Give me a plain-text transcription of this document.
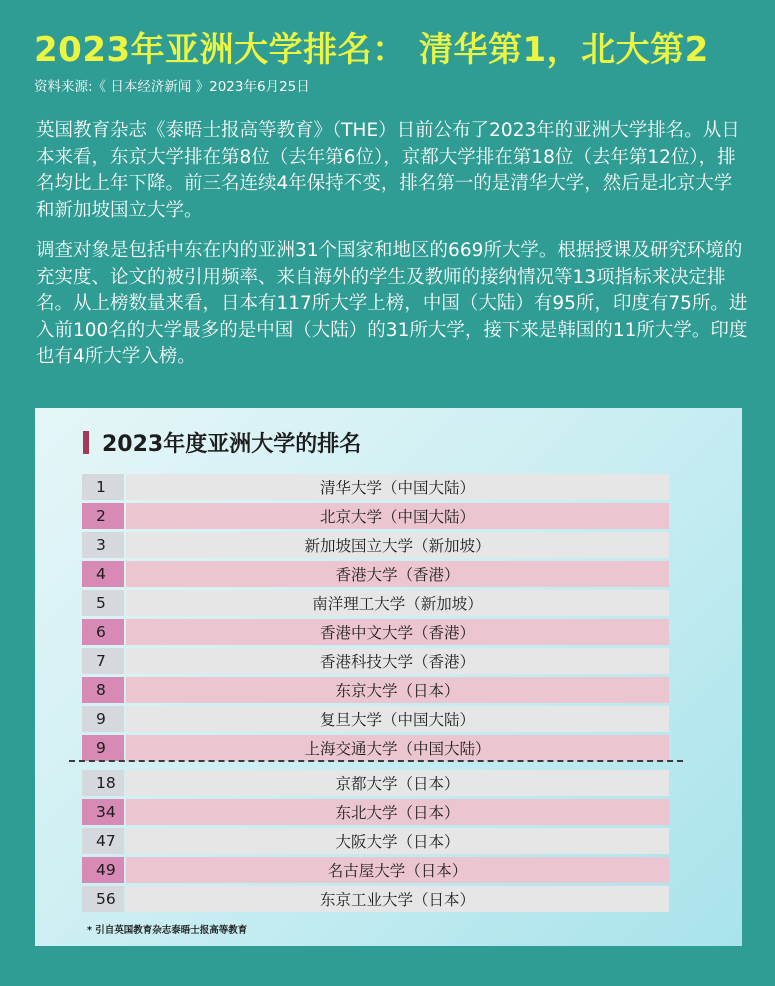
2023年亚洲大学排名： 清华第1，北大第2
资料来源:《 日本经济新闻 》2023年6月25日

英国教育杂志《泰晤士报高等教育》（THE）日前公布了2023年的亚洲大学排名。从日本来看，东京大学排在第8位（去年第6位），京都大学排在第18位（去年第12位），排名均比上年下降。前三名连续4年保持不变，排名第一的是清华大学，然后是北京大学和新加坡国立大学。

调查对象是包括中东在内的亚洲31个国家和地区的669所大学。根据授课及研究环境的充实度、论文的被引用频率、来自海外的学生及教师的接纳情况等13项指标来决定排名。从上榜数量来看，日本有117所大学上榜，中国（大陆）有95所，印度有75所。进入前100名的大学最多的是中国（大陆）的31所大学，接下来是韩国的11所大学。印度也有4所大学入榜。

2023年度亚洲大学的排名
1	清华大学（中国大陆）
2	北京大学（中国大陆）
3	新加坡国立大学（新加坡）
4	香港大学（香港）
5	南洋理工大学（新加坡）
6	香港中文大学（香港）
7	香港科技大学（香港）
8	东京大学（日本）
9	复旦大学（中国大陆）
9	上海交通大学（中国大陆）
18	京都大学（日本）
34	东北大学（日本）
47	大阪大学（日本）
49	名古屋大学（日本）
56	东京工业大学（日本）
* 引自英国教育杂志泰晤士报高等教育
